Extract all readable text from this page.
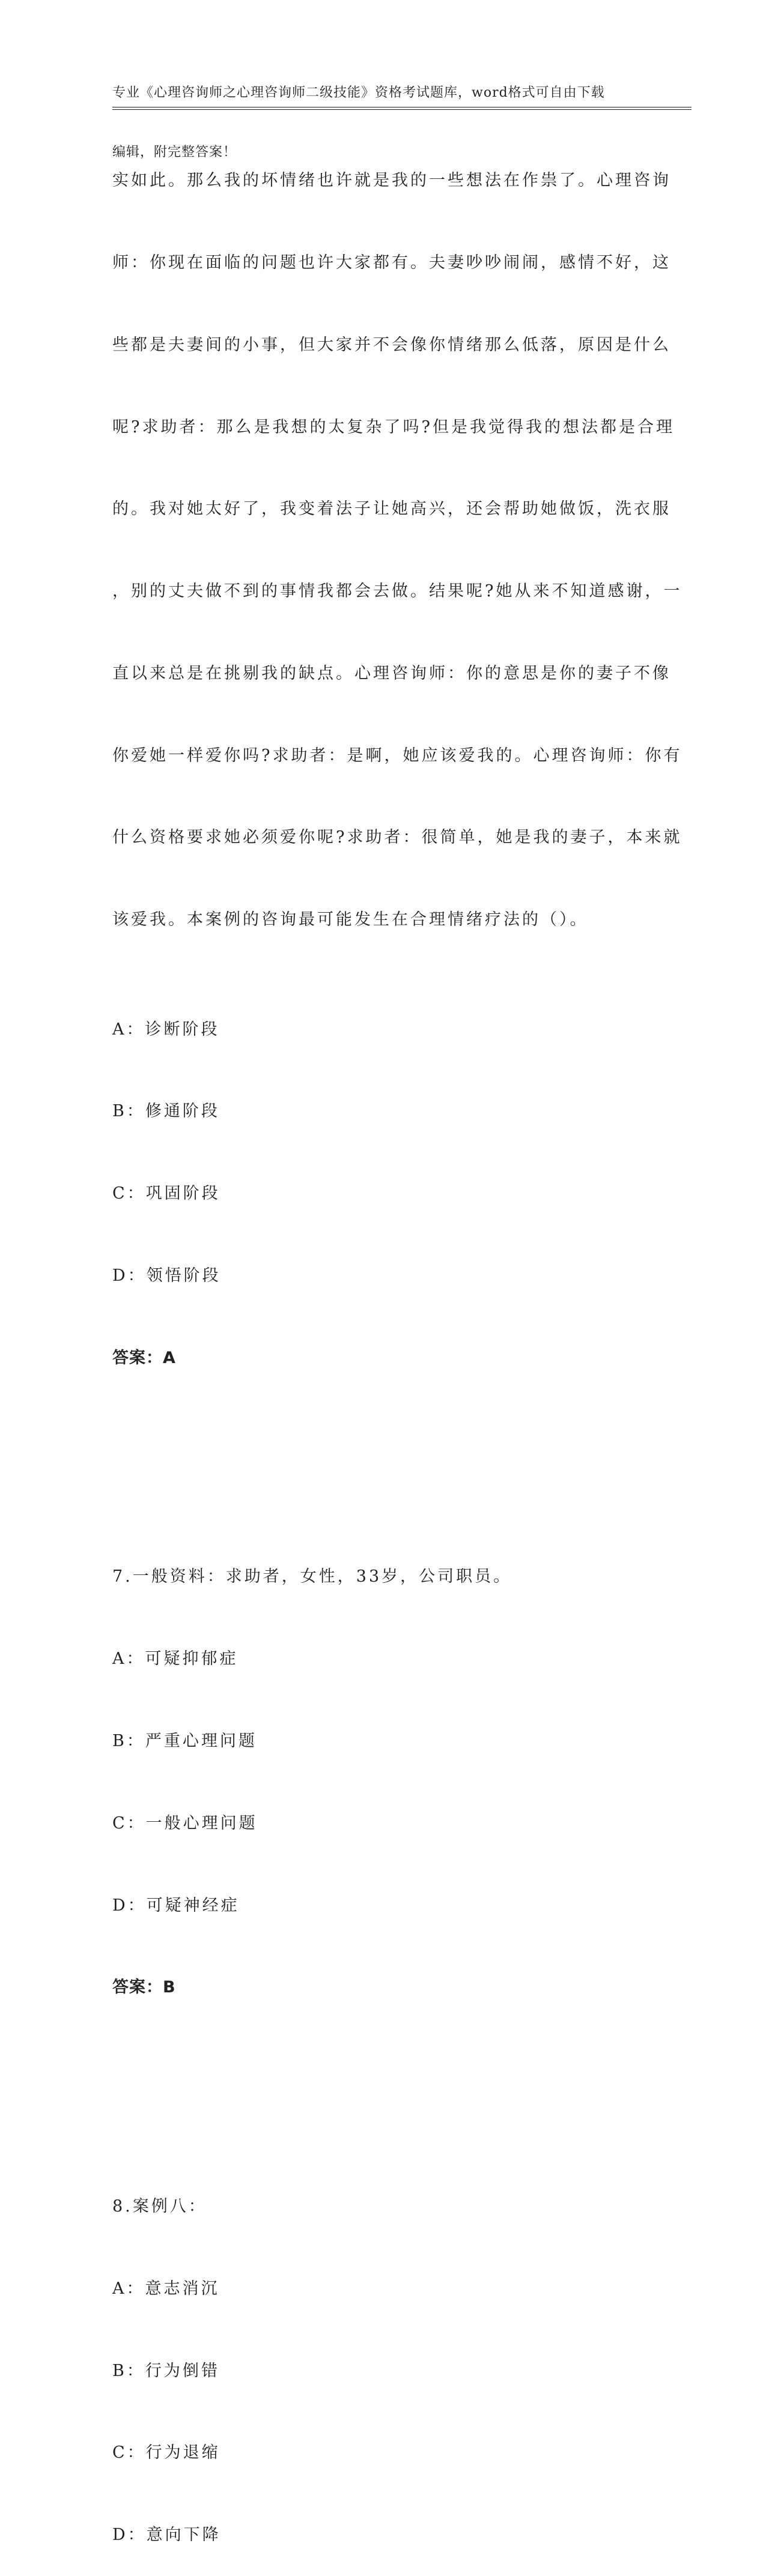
专业《心理咨询师之心理咨询师二级技能》资格考试题库，word格式可自由下载

编辑，附完整答案！

实如此。那么我的坏情绪也许就是我的一些想法在作祟了。心理咨询

师：你现在面临的问题也许大家都有。夫妻吵吵闹闹，感情不好，这

些都是夫妻间的小事，但大家并不会像你情绪那么低落，原因是什么

呢?求助者：那么是我想的太复杂了吗?但是我觉得我的想法都是合理

的。我对她太好了，我变着法子让她高兴，还会帮助她做饭，洗衣服

，别的丈夫做不到的事情我都会去做。结果呢?她从来不知道感谢，一

直以来总是在挑剔我的缺点。心理咨询师：你的意思是你的妻子不像

你爱她一样爱你吗?求助者：是啊，她应该爱我的。心理咨询师：你有

什么资格要求她必须爱你呢?求助者：很简单，她是我的妻子，本来就

该爱我。本案例的咨询最可能发生在合理情绪疗法的（）。

A：诊断阶段

B：修通阶段

C：巩固阶段

D：领悟阶段

答案：A

7.一般资料：求助者，女性，33岁，公司职员。

A：可疑抑郁症

B：严重心理问题

C：一般心理问题

D：可疑神经症

答案：B

8.案例八：

A：意志消沉

B：行为倒错

C：行为退缩

D：意向下降
